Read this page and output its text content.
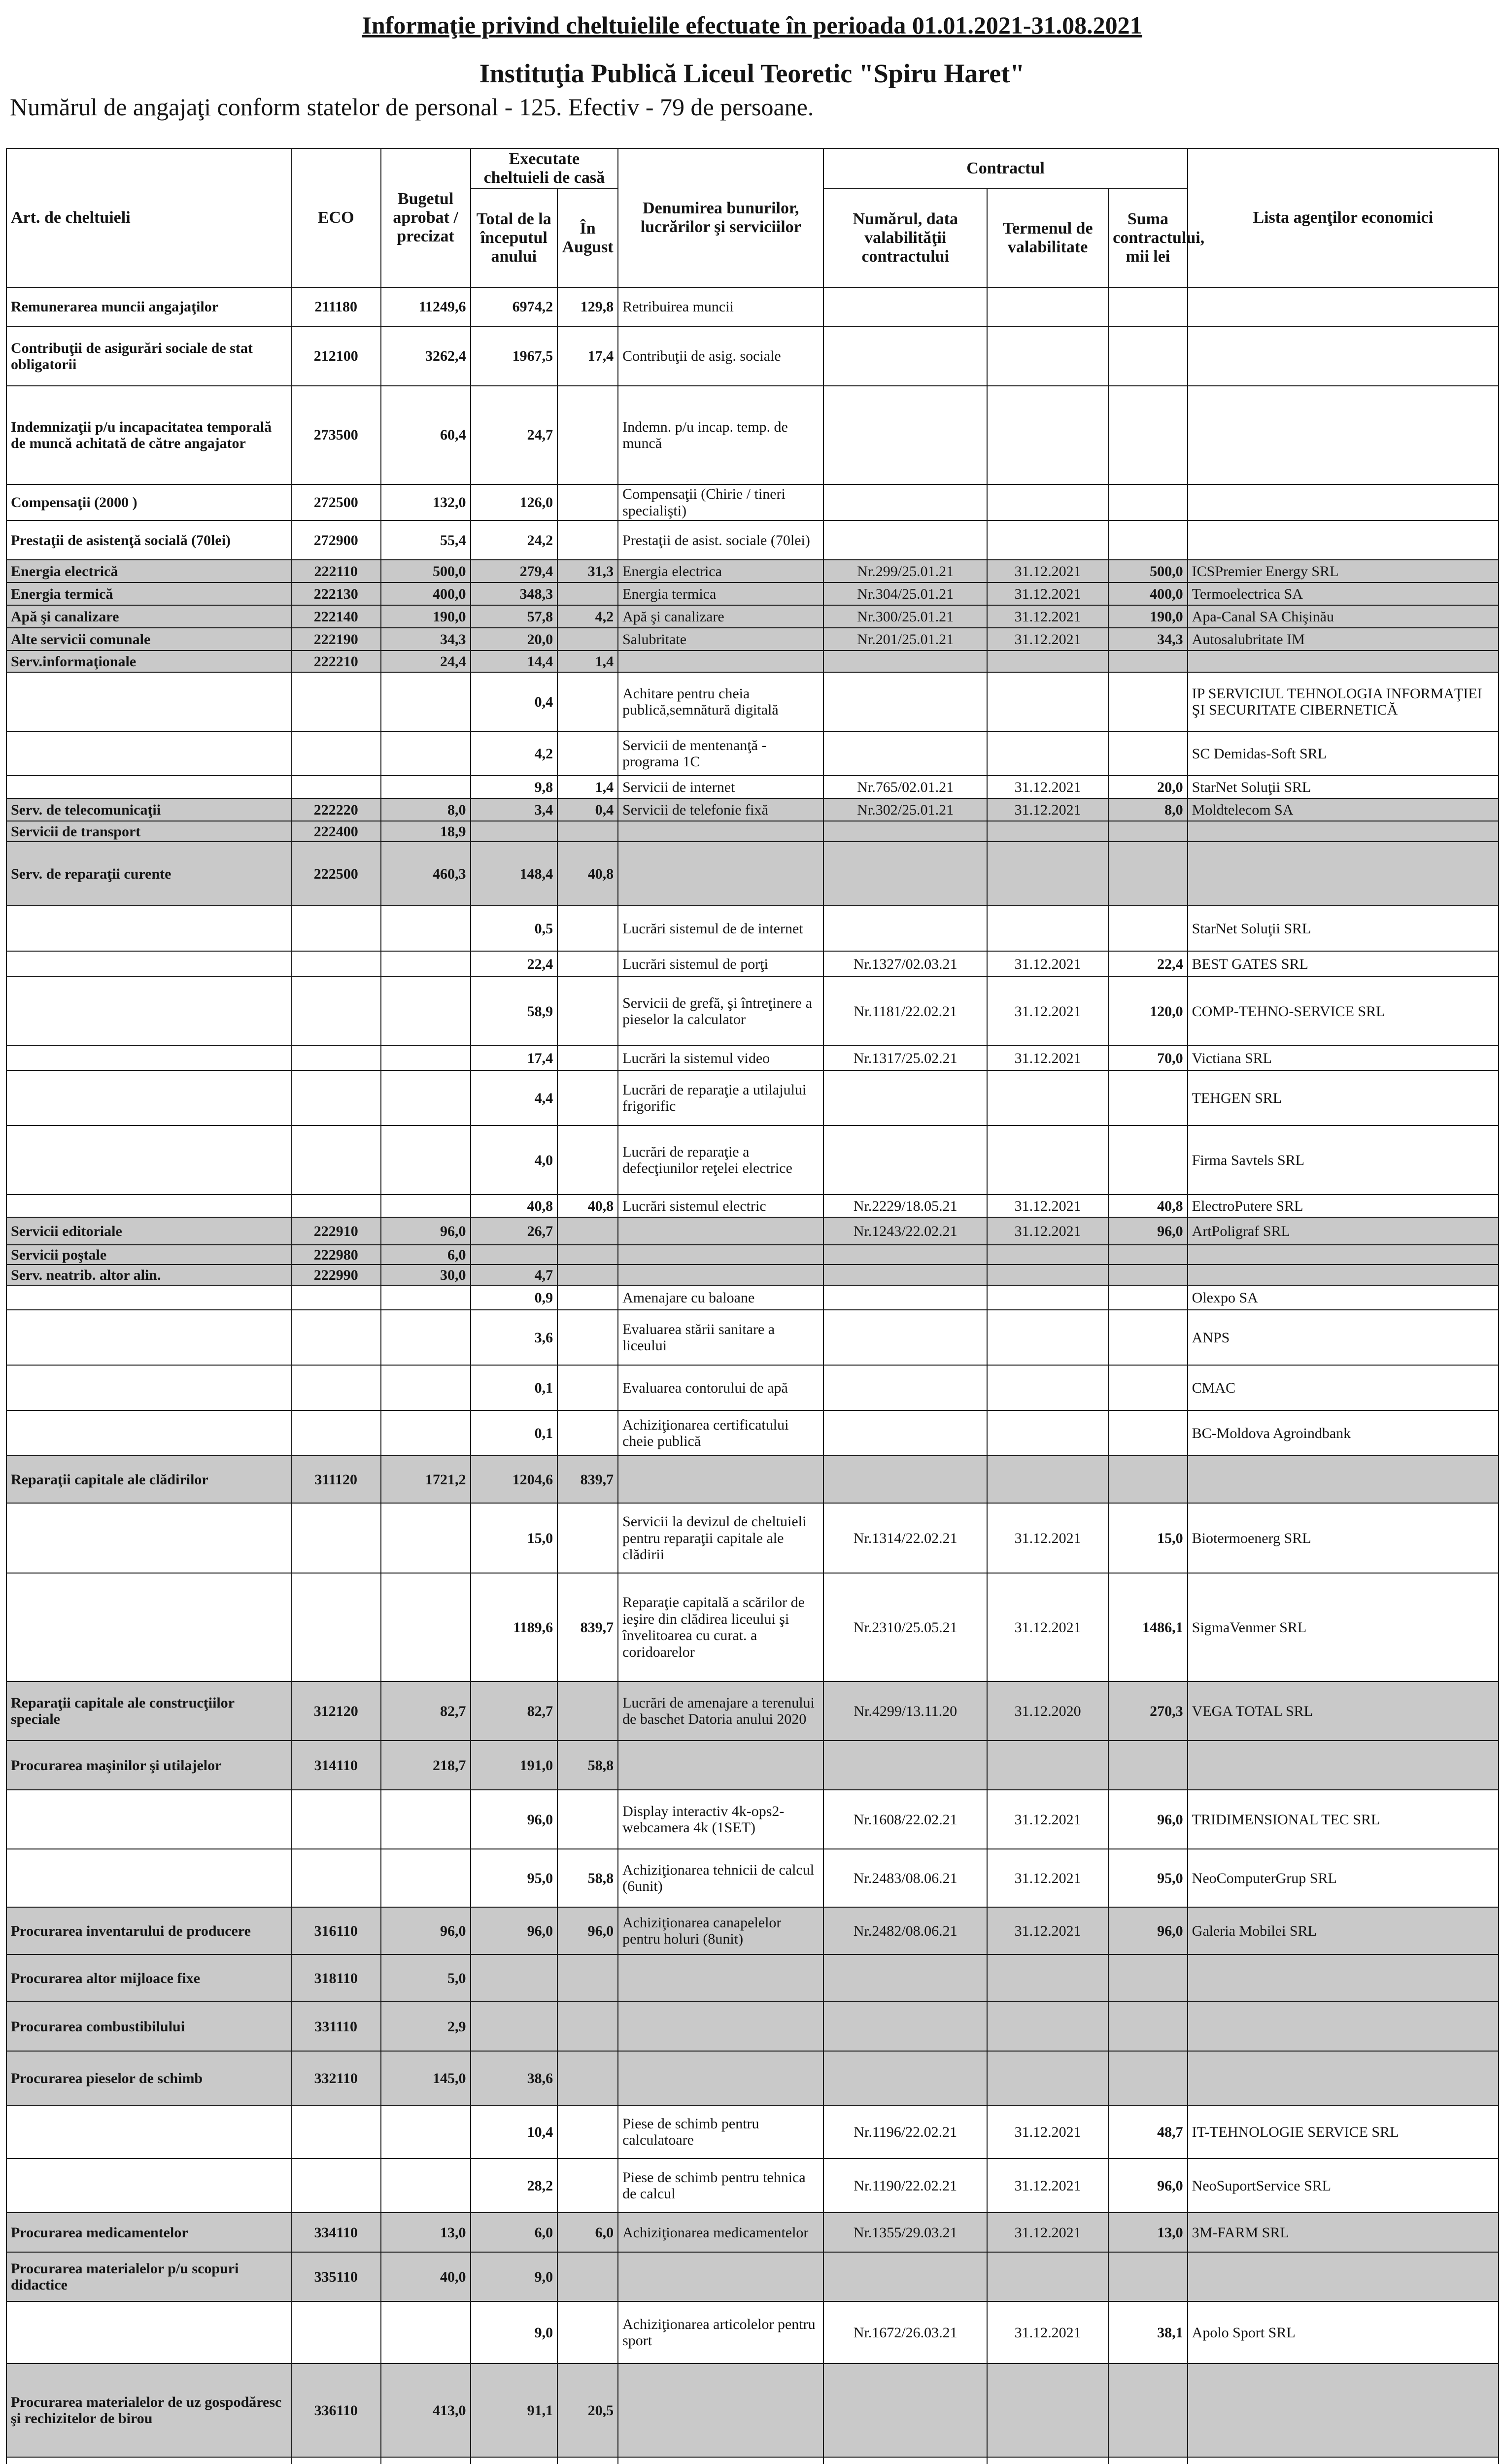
Informaţie privind cheltuielile efectuate în perioada 01.01.2021-31.08.2021
Instituţia Publică Liceul Teoretic "Spiru Haret"
Numărul de angajaţi conform statelor de personal - 125. Efectiv - 79 de persoane.
Art. de cheltuieli	ECO	Bugetul aprobat / precizat	Executate cheltuieli de casă		Denumirea bunurilor, lucrărilor şi serviciilor	Contractul			Lista agenţilor economici
			Total de la începutul anului	În August		Numărul, data valabilităţii contractului	Termenul de valabilitate	Suma contractului, mii lei	
Remunerarea muncii angajaţilor	211180	11249,6	6974,2	129,8	Retribuirea muncii				
Contribuţii de asigurări sociale de stat obligatorii	212100	3262,4	1967,5	17,4	Contribuţii de asig. sociale				
Indemnizaţii p/u incapacitatea temporală de muncă achitată de către angajator	273500	60,4	24,7		Indemn. p/u incap. temp. de muncă				
Compensaţii (2000 )	272500	132,0	126,0		Compensaţii (Chirie / tineri specialişti)				
Prestaţii de asistenţă socială (70lei)	272900	55,4	24,2		Prestaţii de asist. sociale (70lei)				
Energia electrică	222110	500,0	279,4	31,3	Energia electrica	Nr.299/25.01.21	31.12.2021	500,0	ICSPremier Energy SRL
Energia termică	222130	400,0	348,3		Energia termica	Nr.304/25.01.21	31.12.2021	400,0	Termoelectrica SA
Apă şi canalizare	222140	190,0	57,8	4,2	Apă şi canalizare	Nr.300/25.01.21	31.12.2021	190,0	Apa-Canal SA Chişinău
Alte servicii comunale	222190	34,3	20,0		Salubritate	Nr.201/25.01.21	31.12.2021	34,3	Autosalubritate IM
Serv.informaţionale	222210	24,4	14,4	1,4					
			0,4		Achitare pentru cheia publică,semnătură digitală				IP SERVICIUL TEHNOLOGIA INFORMAŢIEI ŞI SECURITATE CIBERNETICĂ
			4,2		Servicii de mentenanţă - programa 1C				SC Demidas-Soft SRL
			9,8	1,4	Servicii de internet	Nr.765/02.01.21	31.12.2021	20,0	StarNet Soluţii SRL
Serv. de telecomunicaţii	222220	8,0	3,4	0,4	Servicii de telefonie fixă	Nr.302/25.01.21	31.12.2021	8,0	Moldtelecom SA
Servicii de transport	222400	18,9							
Serv. de reparaţii curente	222500	460,3	148,4	40,8					
			0,5		Lucrări sistemul de de internet				StarNet Soluţii SRL
			22,4		Lucrări sistemul de porţi	Nr.1327/02.03.21	31.12.2021	22,4	BEST GATES SRL
			58,9		Servicii de grefă, şi întreţinere a pieselor la calculator	Nr.1181/22.02.21	31.12.2021	120,0	COMP-TEHNO-SERVICE SRL
			17,4		Lucrări la sistemul video	Nr.1317/25.02.21	31.12.2021	70,0	Victiana SRL
			4,4		Lucrări de reparaţie a utilajului frigorific				TEHGEN SRL
			4,0		Lucrări de reparaţie a defecţiunilor reţelei electrice				Firma Savtels SRL
			40,8	40,8	Lucrări sistemul electric	Nr.2229/18.05.21	31.12.2021	40,8	ElectroPutere SRL
Servicii editoriale	222910	96,0	26,7			Nr.1243/22.02.21	31.12.2021	96,0	ArtPoligraf SRL
Servicii poştale	222980	6,0							
Serv. neatrib. altor alin.	222990	30,0	4,7						
			0,9		Amenajare cu baloane				Olexpo SA
			3,6		Evaluarea stării sanitare a liceului				ANPS
			0,1		Evaluarea contorului de apă				CMAC
			0,1		Achiziţionarea certificatului cheie publică				BC-Moldova Agroindbank
Reparaţii capitale ale clădirilor	311120	1721,2	1204,6	839,7					
			15,0		Servicii la devizul de cheltuieli pentru reparaţii capitale ale clădirii	Nr.1314/22.02.21	31.12.2021	15,0	Biotermoenerg SRL
			1189,6	839,7	Reparaţie capitală a scărilor de ieşire din clădirea liceului şi învelitoarea cu curat. a coridoarelor	Nr.2310/25.05.21	31.12.2021	1486,1	SigmaVenmer SRL
Reparaţii capitale ale construcţiilor speciale	312120	82,7	82,7		Lucrări de amenajare a terenului de baschet Datoria anului 2020	Nr.4299/13.11.20	31.12.2020	270,3	VEGA TOTAL SRL
Procurarea maşinilor şi utilajelor	314110	218,7	191,0	58,8					
			96,0		Display interactiv 4k-ops2-webcamera 4k (1SET)	Nr.1608/22.02.21	31.12.2021	96,0	TRIDIMENSIONAL TEC SRL
			95,0	58,8	Achiziţionarea tehnicii de calcul (6unit)	Nr.2483/08.06.21	31.12.2021	95,0	NeoComputerGrup SRL
Procurarea inventarului de producere	316110	96,0	96,0	96,0	Achiziţionarea canapelelor pentru holuri (8unit)	Nr.2482/08.06.21	31.12.2021	96,0	Galeria Mobilei SRL
Procurarea altor mijloace fixe	318110	5,0							
Procurarea combustibilului	331110	2,9							
Procurarea pieselor de schimb	332110	145,0	38,6						
			10,4		Piese de schimb pentru calculatoare	Nr.1196/22.02.21	31.12.2021	48,7	IT-TEHNOLOGIE SERVICE SRL
			28,2		Piese de schimb pentru tehnica de calcul	Nr.1190/22.02.21	31.12.2021	96,0	NeoSuportService SRL
Procurarea medicamentelor	334110	13,0	6,0	6,0	Achiziţionarea medicamentelor	Nr.1355/29.03.21	31.12.2021	13,0	3M-FARM SRL
Procurarea materialelor p/u scopuri didactice	335110	40,0	9,0						
			9,0		Achiziţionarea articolelor pentru sport	Nr.1672/26.03.21	31.12.2021	38,1	Apolo Sport SRL
Procurarea materialelor de uz gospodăresc şi rechizitelor de birou	336110	413,0	91,1	20,5					
